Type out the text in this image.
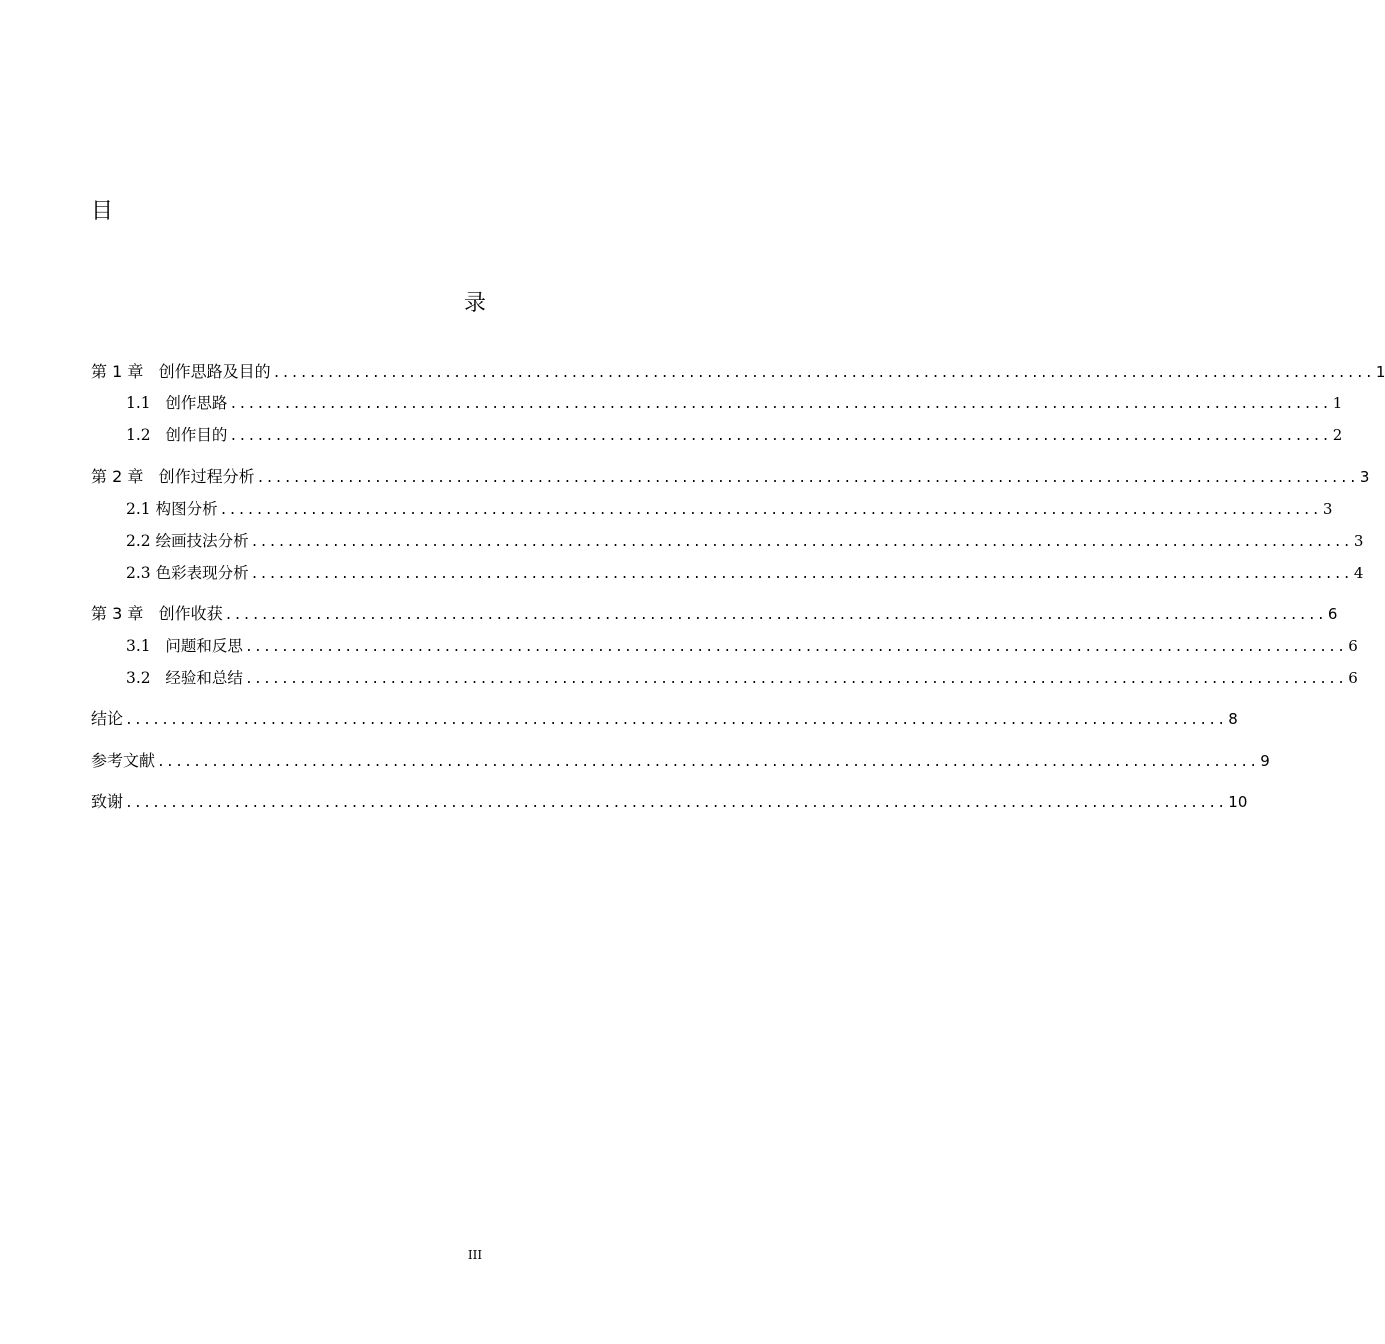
目
录
第 1 章   创作思路及目的 .......................................................................................................................... 1
1.1   创作思路 .......................................................................................................................... 1
1.2   创作目的 .......................................................................................................................... 2
第 2 章   创作过程分析 .......................................................................................................................... 3
2.1 构图分析 .......................................................................................................................... 3
2.2 绘画技法分析 .......................................................................................................................... 3
2.3 色彩表现分析 .......................................................................................................................... 4
第 3 章   创作收获 .......................................................................................................................... 6
3.1   问题和反思 .......................................................................................................................... 6
3.2   经验和总结 .......................................................................................................................... 6
结论 .......................................................................................................................... 8
参考文献 .......................................................................................................................... 9
致谢 .......................................................................................................................... 10
III
